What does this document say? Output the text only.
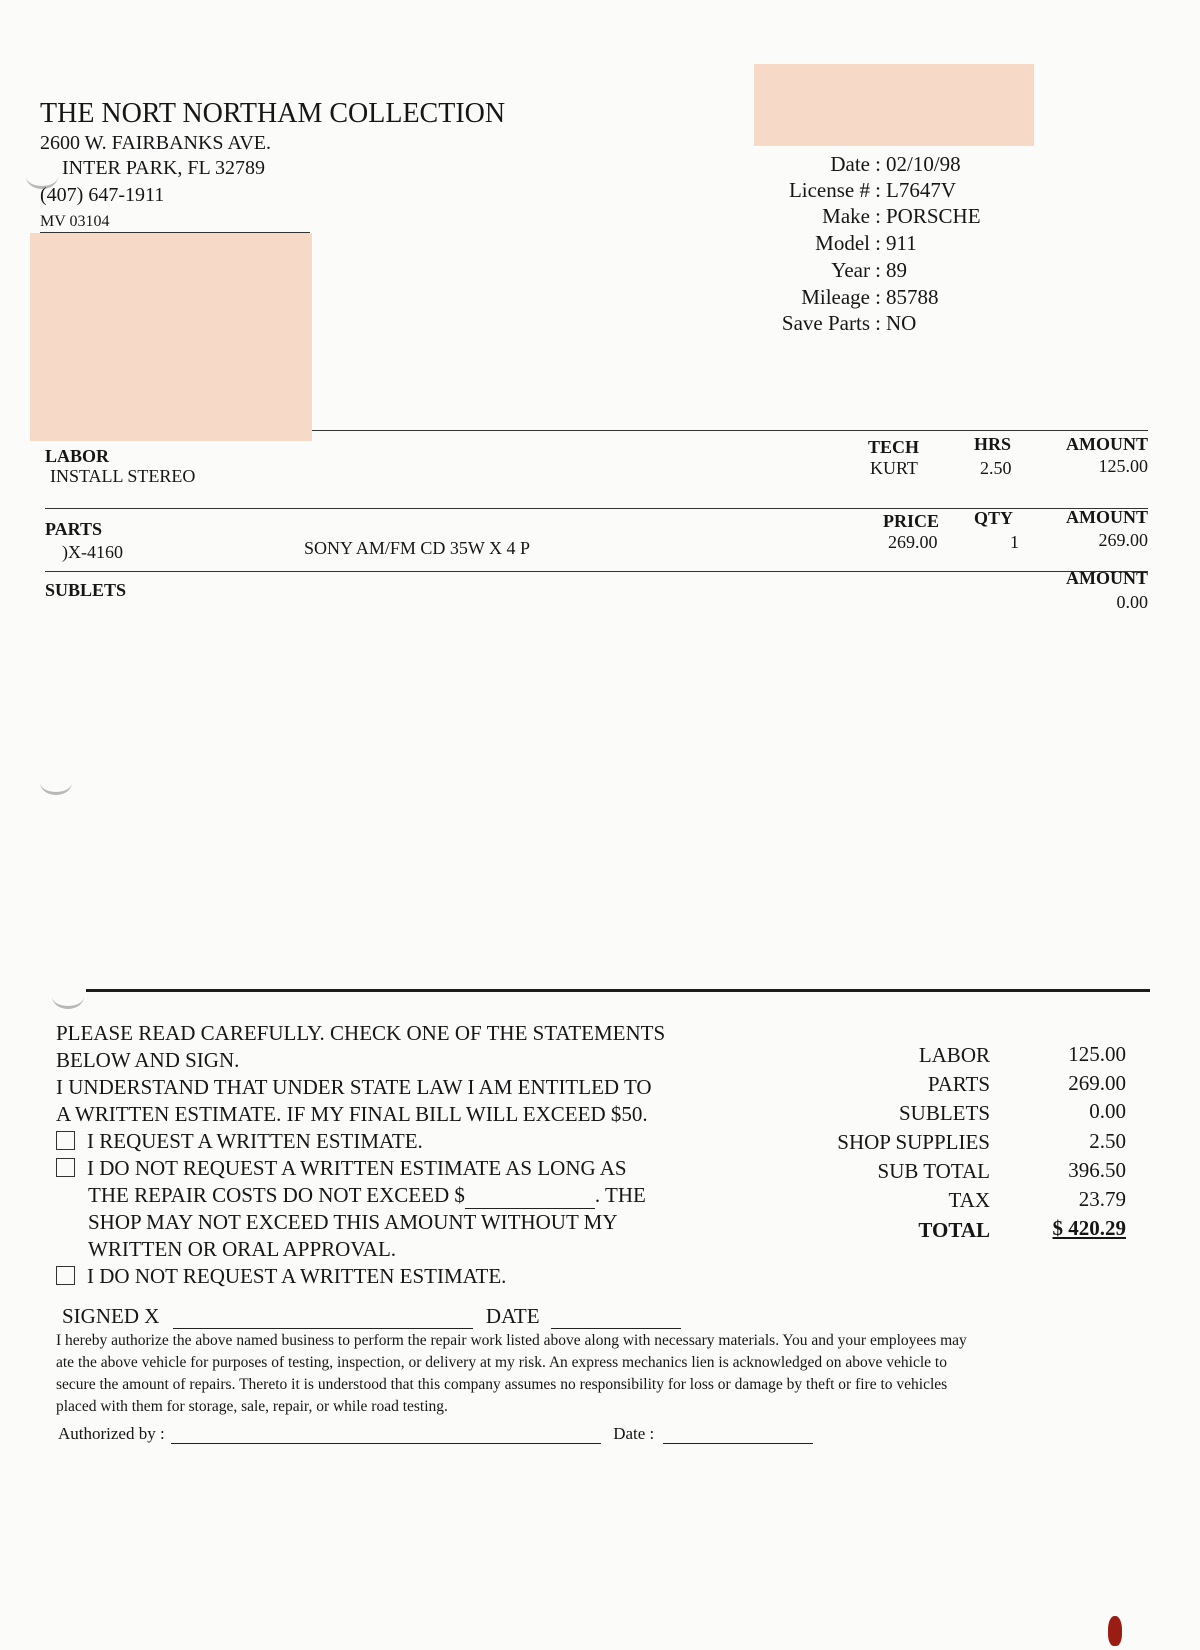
THE NORT NORTHAM COLLECTION
2600 W. FAIRBANKS AVE.
INTER PARK, FL 32789
(407) 647-1911
MV 03104
Date : 02/10/98
License # : L7647V
Make : PORSCHE
Model : 911
Year : 89
Mileage : 85788
Save Parts : NO
LABOR	TECH	HRS	AMOUNT
INSTALL STEREO	KURT	2.50	125.00
PARTS	PRICE QTY	AMOUNT
)X-4160	SONY AM/FM CD 35W X 4 P	269.00	1	269.00
SUBLETS
AMOUNT
0.00
PLEASE READ CAREFULLY. CHECK ONE OF THE STATEMENTS
BELOW AND SIGN.
I UNDERSTAND THAT UNDER STATE LAW I AM ENTITLED TO
A WRITTEN ESTIMATE. IF MY FINAL BILL WILL EXCEED $50.
I REQUEST A WRITTEN ESTIMATE.
I DO NOT REQUEST A WRITTEN ESTIMATE AS LONG AS
THE REPAIR COSTS DO NOT EXCEED $	. THE
SHOP MAY NOT EXCEED THIS AMOUNT WITHOUT MY
WRITTEN OR ORAL APPROVAL.
I DO NOT REQUEST A WRITTEN ESTIMATE.
SIGNED X	DATE
LABOR	125.00
PARTS	269.00
SUBLETS	0.00
SHOP SUPPLIES	2.50
SUB TOTAL	396.50
TAX	23.79
TOTAL	$ 420.29
I hereby authorize the above named business to perform the repair work listed above along with necessary materials. You and your employees may
ate the above vehicle for purposes of testing, inspection, or delivery at my risk. An express mechanics lien is acknowledged on above vehicle to
secure the amount of repairs. Thereto it is understood that this company assumes no responsibility for loss or damage by theft or fire to vehicles
placed with them for storage, sale, repair, or while road testing.
Authorized by :	Date :
